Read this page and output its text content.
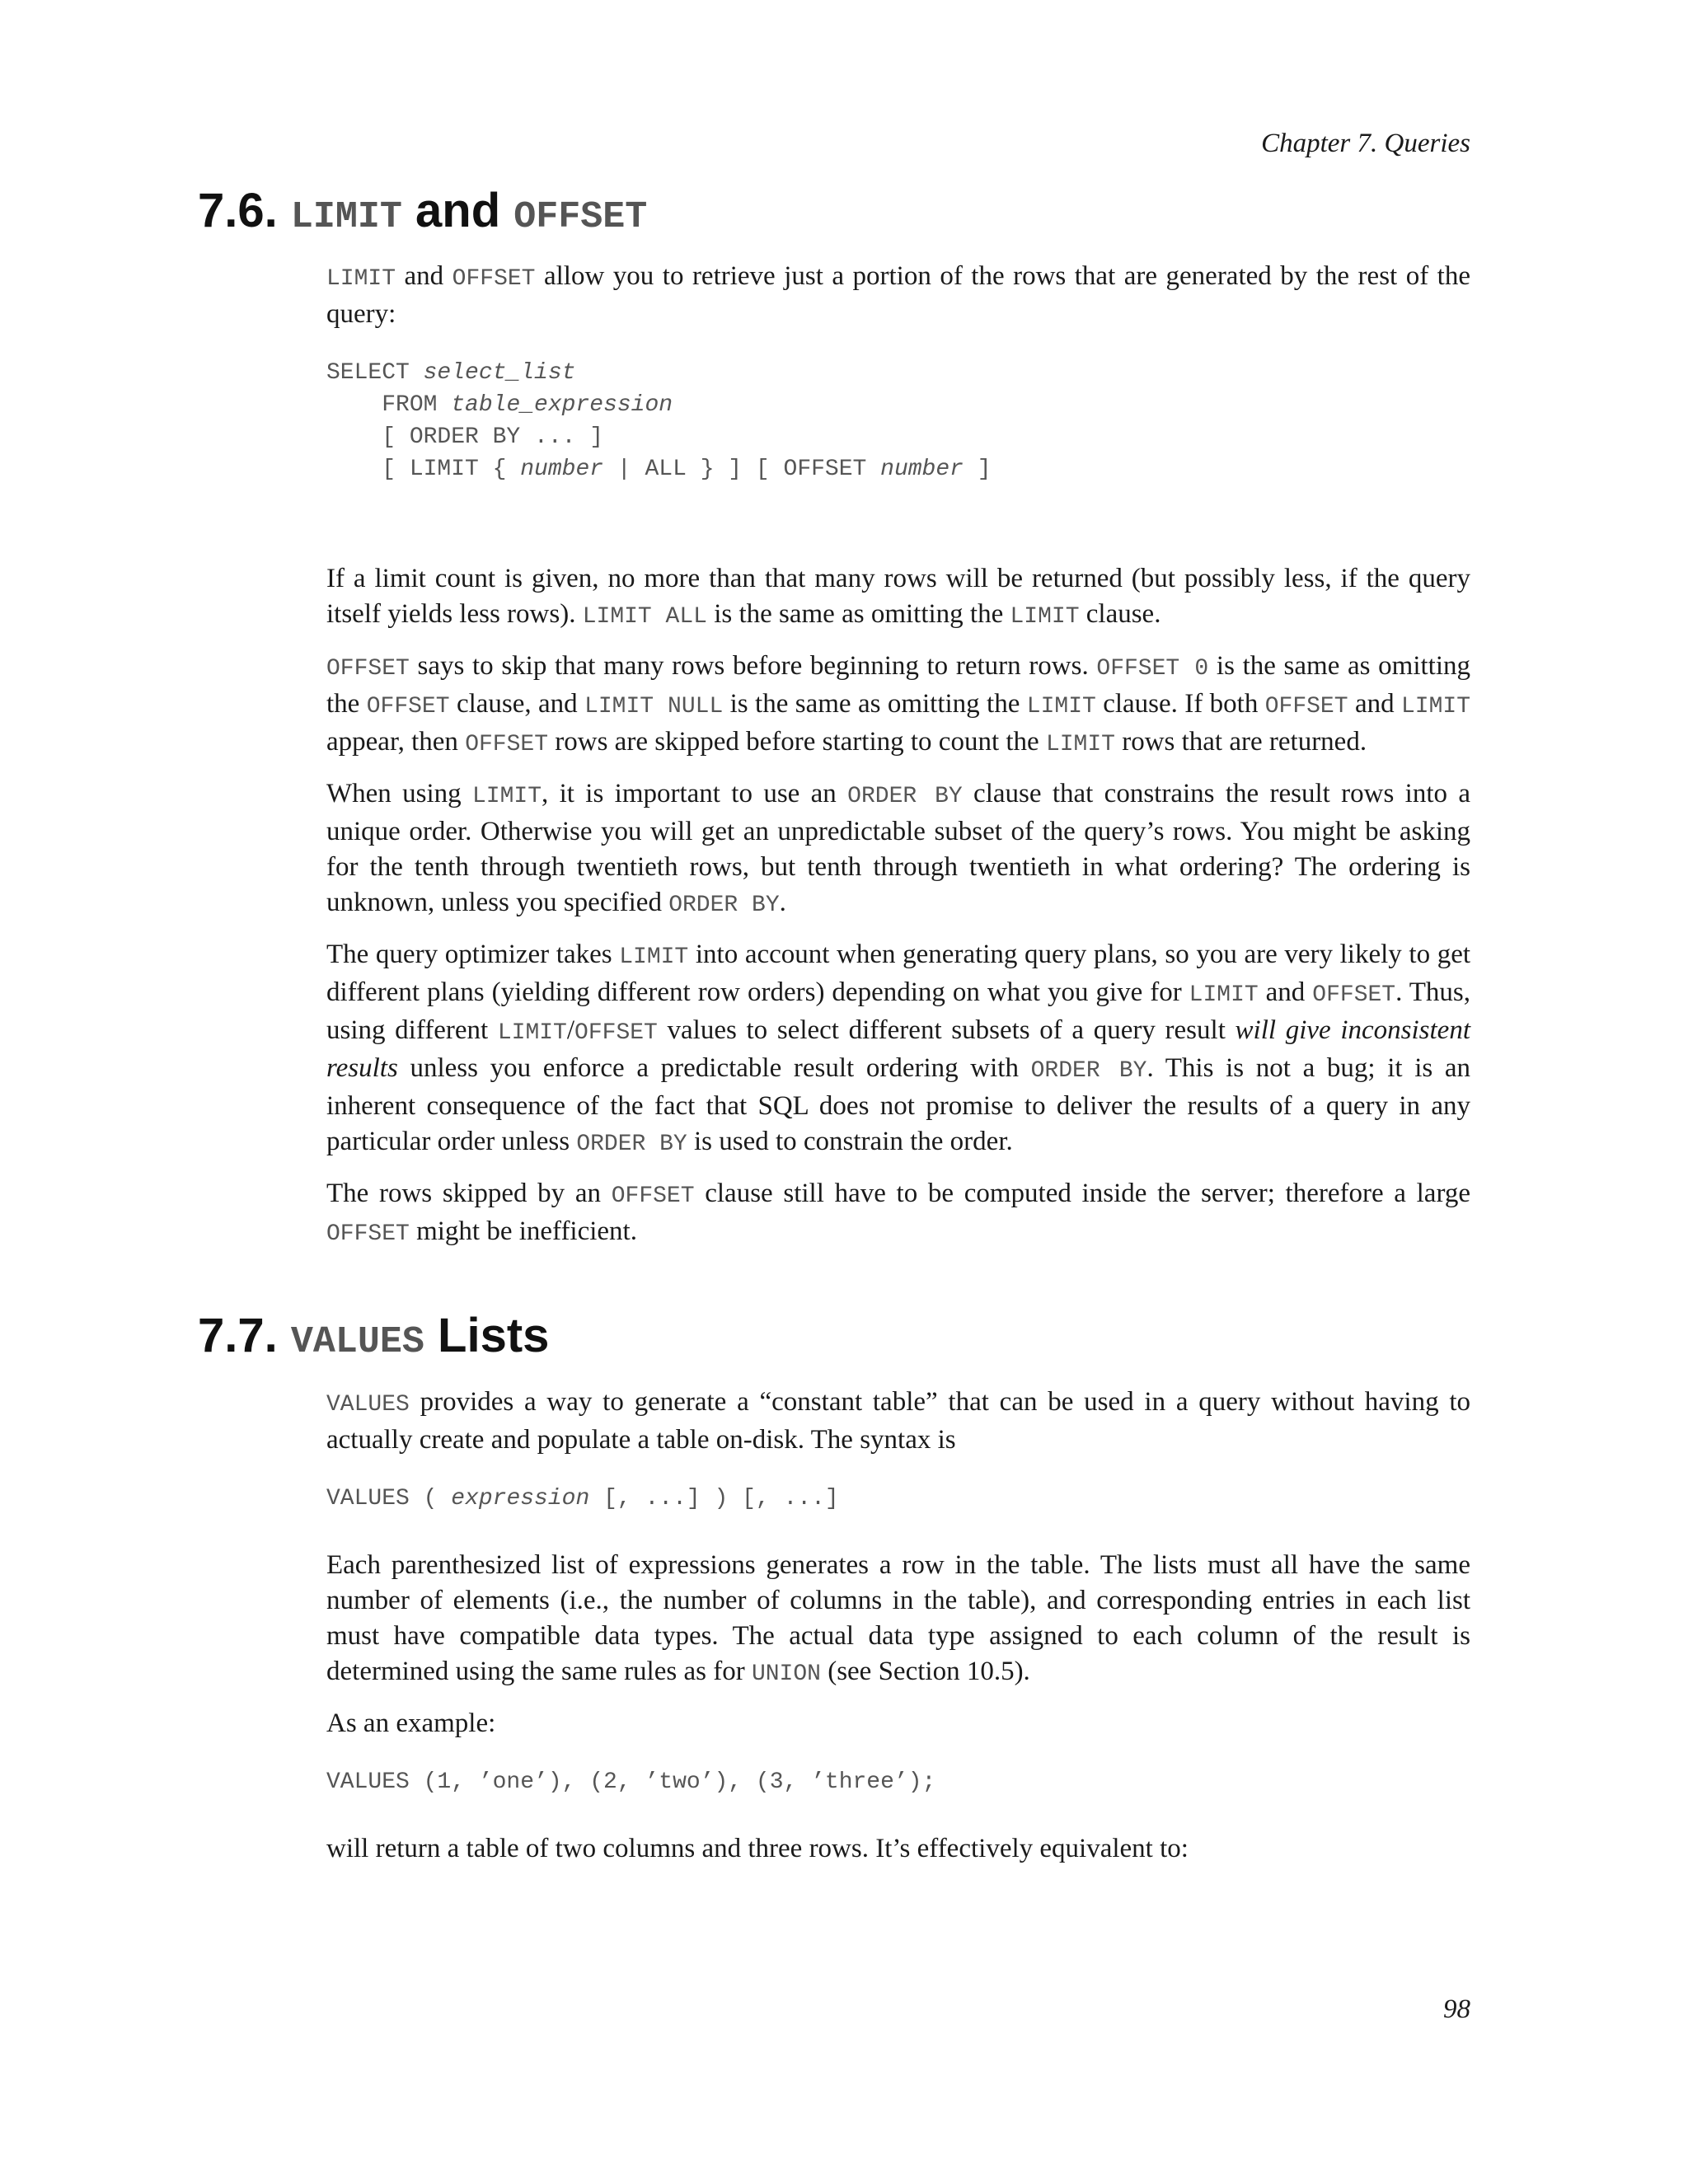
Chapter 7. Queries
7.6. LIMIT and OFFSET

LIMIT and OFFSET allow you to retrieve just a portion of the rows that are generated by the rest of the query:

SELECT select_list
FROM table_expression
[ ORDER BY ... ]
[ LIMIT { number | ALL } ] [ OFFSET number ]

If a limit count is given, no more than that many rows will be returned (but possibly less, if the query itself yields less rows). LIMIT ALL is the same as omitting the LIMIT clause.

OFFSET says to skip that many rows before beginning to return rows. OFFSET 0 is the same as omitting the OFFSET clause, and LIMIT NULL is the same as omitting the LIMIT clause. If both OFFSET and LIMIT appear, then OFFSET rows are skipped before starting to count the LIMIT rows that are returned.

When using LIMIT, it is important to use an ORDER BY clause that constrains the result rows into a unique order. Otherwise you will get an unpredictable subset of the query’s rows. You might be asking for the tenth through twentieth rows, but tenth through twentieth in what ordering? The ordering is unknown, unless you specified ORDER BY.

The query optimizer takes LIMIT into account when generating query plans, so you are very likely to get different plans (yielding different row orders) depending on what you give for LIMIT and OFFSET. Thus, using different LIMIT/OFFSET values to select different subsets of a query result will give inconsistent results unless you enforce a predictable result ordering with ORDER BY. This is not a bug; it is an inherent consequence of the fact that SQL does not promise to deliver the results of a query in any particular order unless ORDER BY is used to constrain the order.

The rows skipped by an OFFSET clause still have to be computed inside the server; therefore a large OFFSET might be inefficient.

7.7. VALUES Lists

VALUES provides a way to generate a “constant table” that can be used in a query without having to actually create and populate a table on-disk. The syntax is

VALUES ( expression [, ...] ) [, ...]

Each parenthesized list of expressions generates a row in the table. The lists must all have the same number of elements (i.e., the number of columns in the table), and corresponding entries in each list must have compatible data types. The actual data type assigned to each column of the result is determined using the same rules as for UNION (see Section 10.5).

As an example:

VALUES (1, ’one’), (2, ’two’), (3, ’three’);

will return a table of two columns and three rows. It’s effectively equivalent to:

98
